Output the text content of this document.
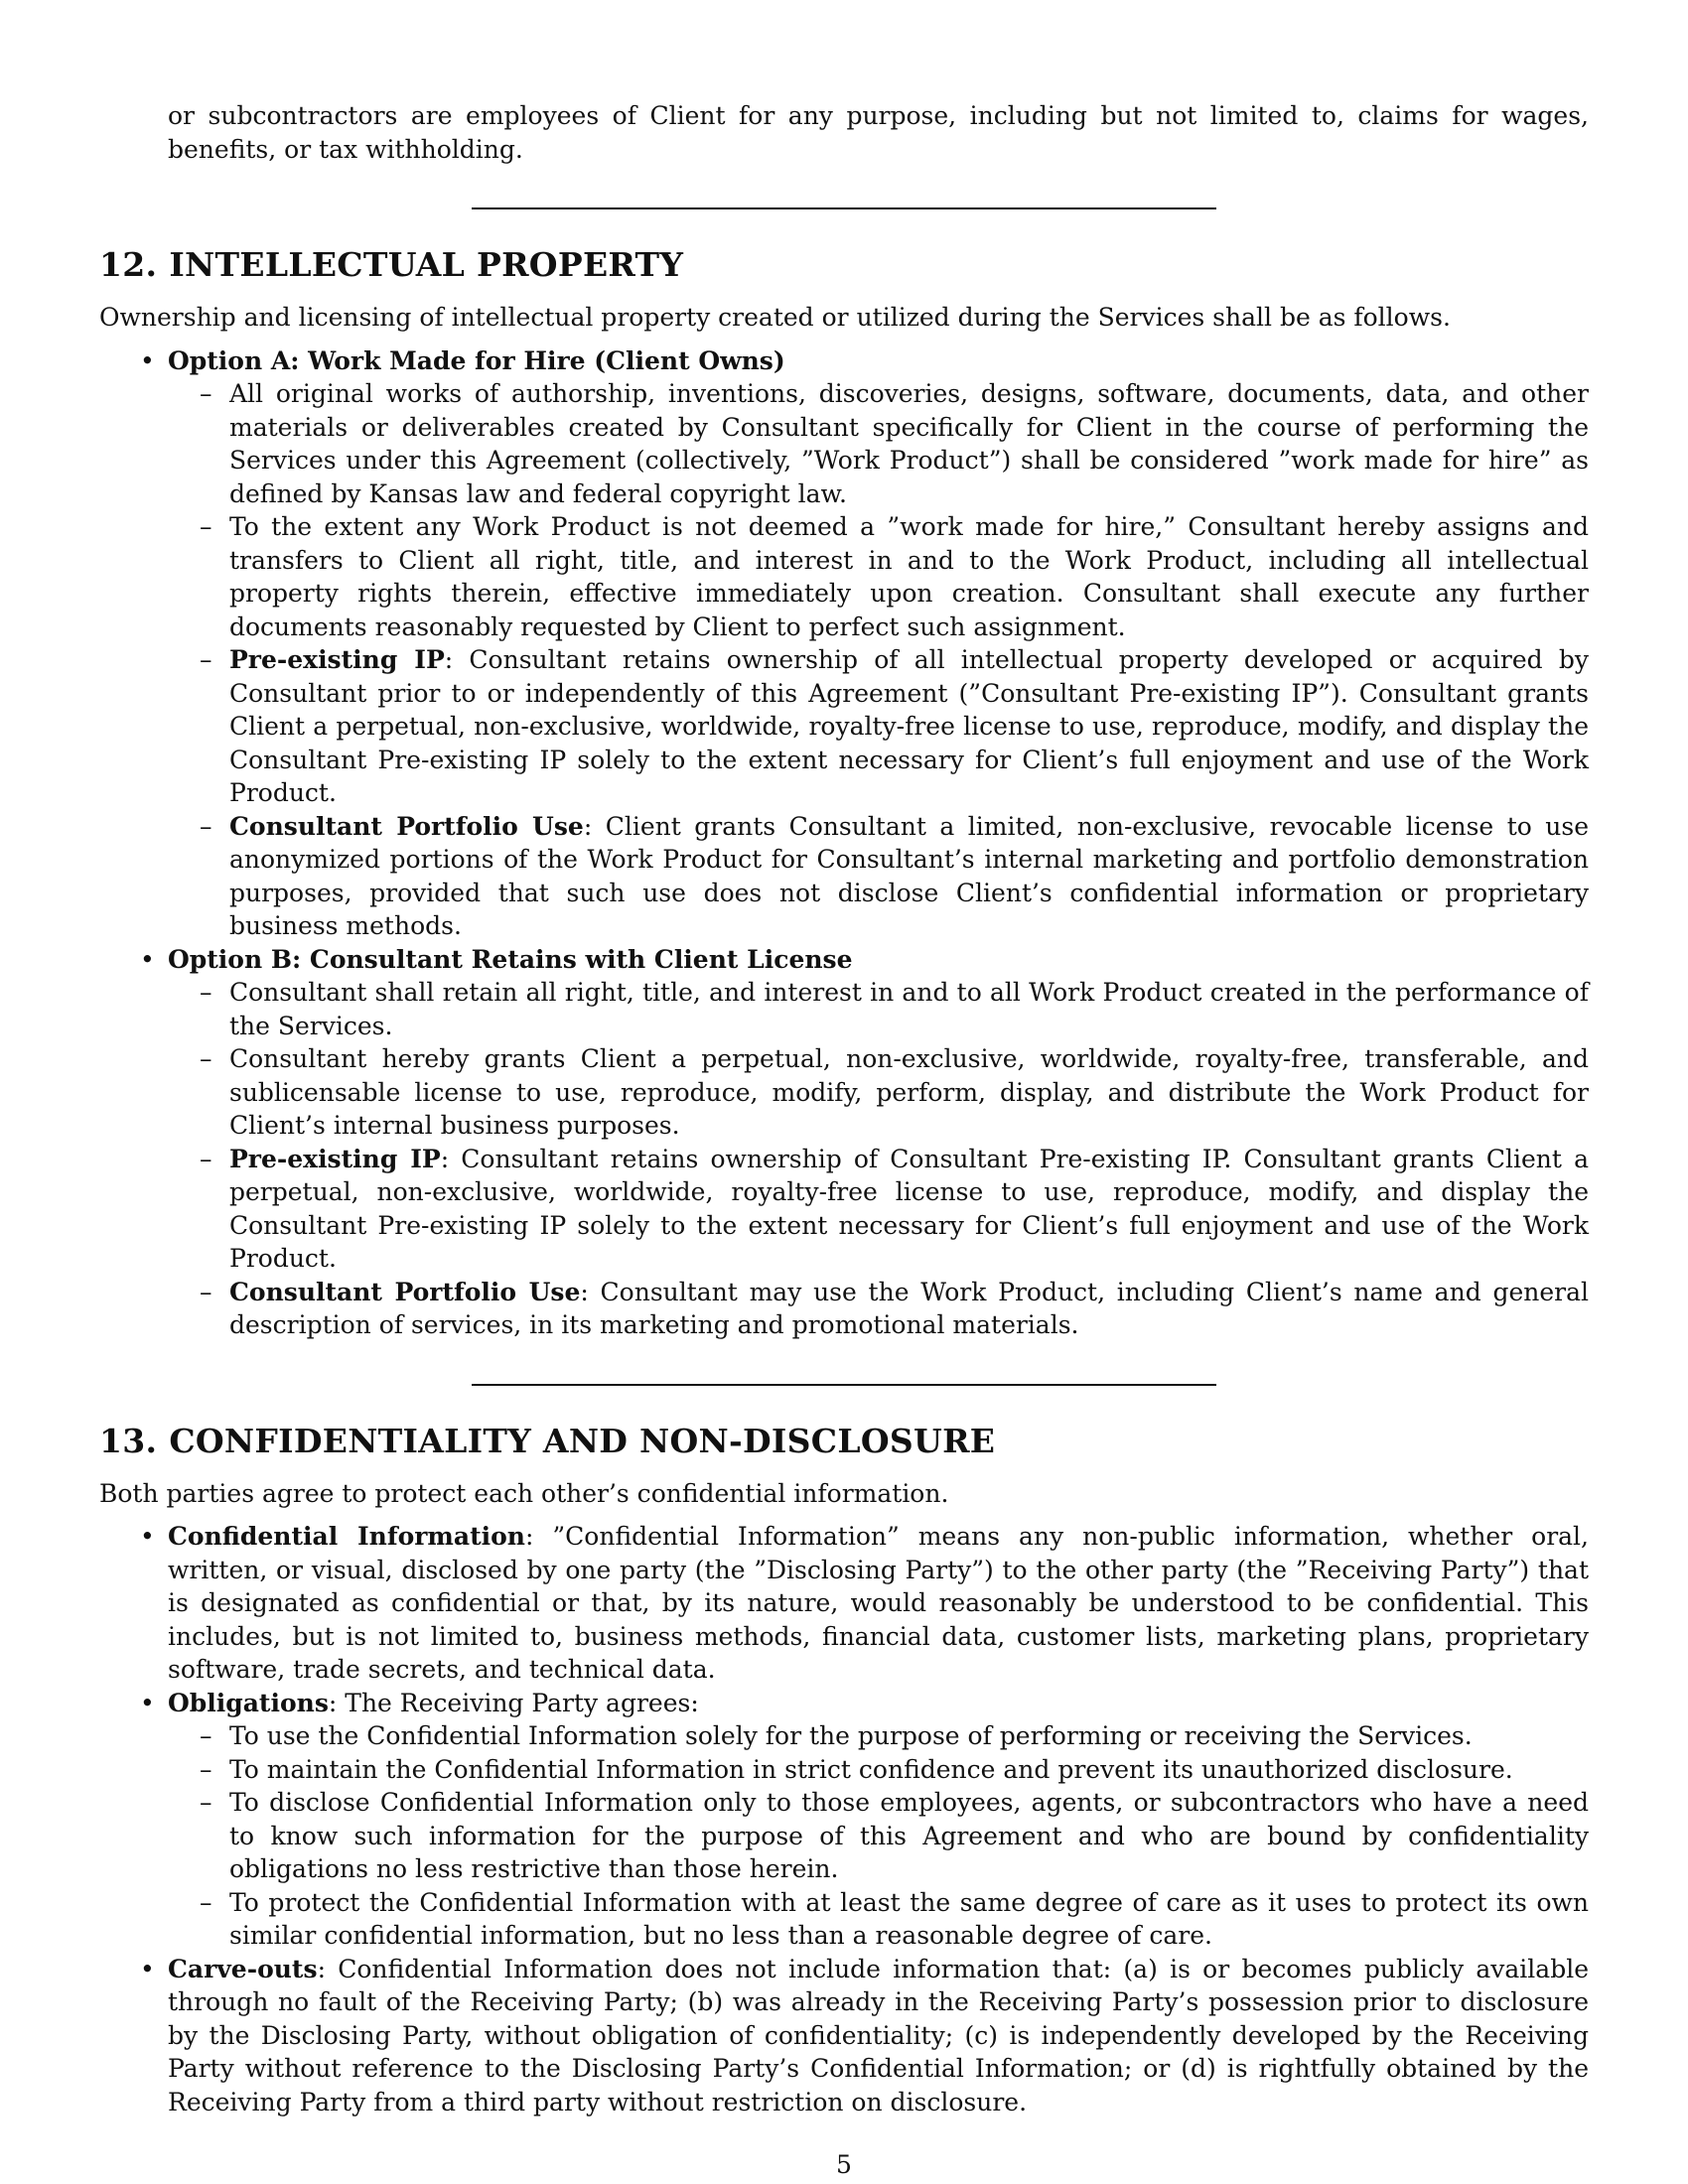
or subcontractors are employees of Client for any purpose, including but not limited to, claims for wages, benefits, or tax withholding.

12. INTELLECTUAL PROPERTY

Ownership and licensing of intellectual property created or utilized during the Services shall be as follows.

• Option A: Work Made for Hire (Client Owns)
– All original works of authorship, inventions, discoveries, designs, software, documents, data, and other materials or deliverables created by Consultant specifically for Client in the course of performing the Services under this Agreement (collectively, ”Work Product”) shall be considered ”work made for hire” as defined by Kansas law and federal copyright law.
– To the extent any Work Product is not deemed a ”work made for hire,” Consultant hereby assigns and transfers to Client all right, title, and interest in and to the Work Product, including all intellectual property rights therein, effective immediately upon creation. Consultant shall execute any further documents reasonably requested by Client to perfect such assignment.
– Pre-existing IP: Consultant retains ownership of all intellectual property developed or acquired by Consultant prior to or independently of this Agreement (”Consultant Pre-existing IP”). Consultant grants Client a perpetual, non-exclusive, worldwide, royalty-free license to use, reproduce, modify, and display the Consultant Pre-existing IP solely to the extent necessary for Client’s full enjoyment and use of the Work Product.
– Consultant Portfolio Use: Client grants Consultant a limited, non-exclusive, revocable license to use anonymized portions of the Work Product for Consultant’s internal marketing and portfolio demonstration purposes, provided that such use does not disclose Client’s confidential information or proprietary business methods.
• Option B: Consultant Retains with Client License
– Consultant shall retain all right, title, and interest in and to all Work Product created in the performance of the Services.
– Consultant hereby grants Client a perpetual, non-exclusive, worldwide, royalty-free, transferable, and sublicensable license to use, reproduce, modify, perform, display, and distribute the Work Product for Client’s internal business purposes.
– Pre-existing IP: Consultant retains ownership of Consultant Pre-existing IP. Consultant grants Client a perpetual, non-exclusive, worldwide, royalty-free license to use, reproduce, modify, and display the Consultant Pre-existing IP solely to the extent necessary for Client’s full enjoyment and use of the Work Product.
– Consultant Portfolio Use: Consultant may use the Work Product, including Client’s name and general description of services, in its marketing and promotional materials.
13. CONFIDENTIALITY AND NON-DISCLOSURE

Both parties agree to protect each other’s confidential information.

• Confidential Information: ”Confidential Information” means any non-public information, whether oral, written, or visual, disclosed by one party (the ”Disclosing Party”) to the other party (the ”Receiving Party”) that is designated as confidential or that, by its nature, would reasonably be understood to be confidential. This includes, but is not limited to, business methods, financial data, customer lists, marketing plans, proprietary software, trade secrets, and technical data.
• Obligations: The Receiving Party agrees:
– To use the Confidential Information solely for the purpose of performing or receiving the Services.
– To maintain the Confidential Information in strict confidence and prevent its unauthorized disclosure.
– To disclose Confidential Information only to those employees, agents, or subcontractors who have a need to know such information for the purpose of this Agreement and who are bound by confidentiality obligations no less restrictive than those herein.
– To protect the Confidential Information with at least the same degree of care as it uses to protect its own similar confidential information, but no less than a reasonable degree of care.
• Carve-outs: Confidential Information does not include information that: (a) is or becomes publicly available through no fault of the Receiving Party; (b) was already in the Receiving Party’s possession prior to disclosure by the Disclosing Party, without obligation of confidentiality; (c) is independently developed by the Receiving Party without reference to the Disclosing Party’s Confidential Information; or (d) is rightfully obtained by the Receiving Party from a third party without restriction on disclosure.
5
